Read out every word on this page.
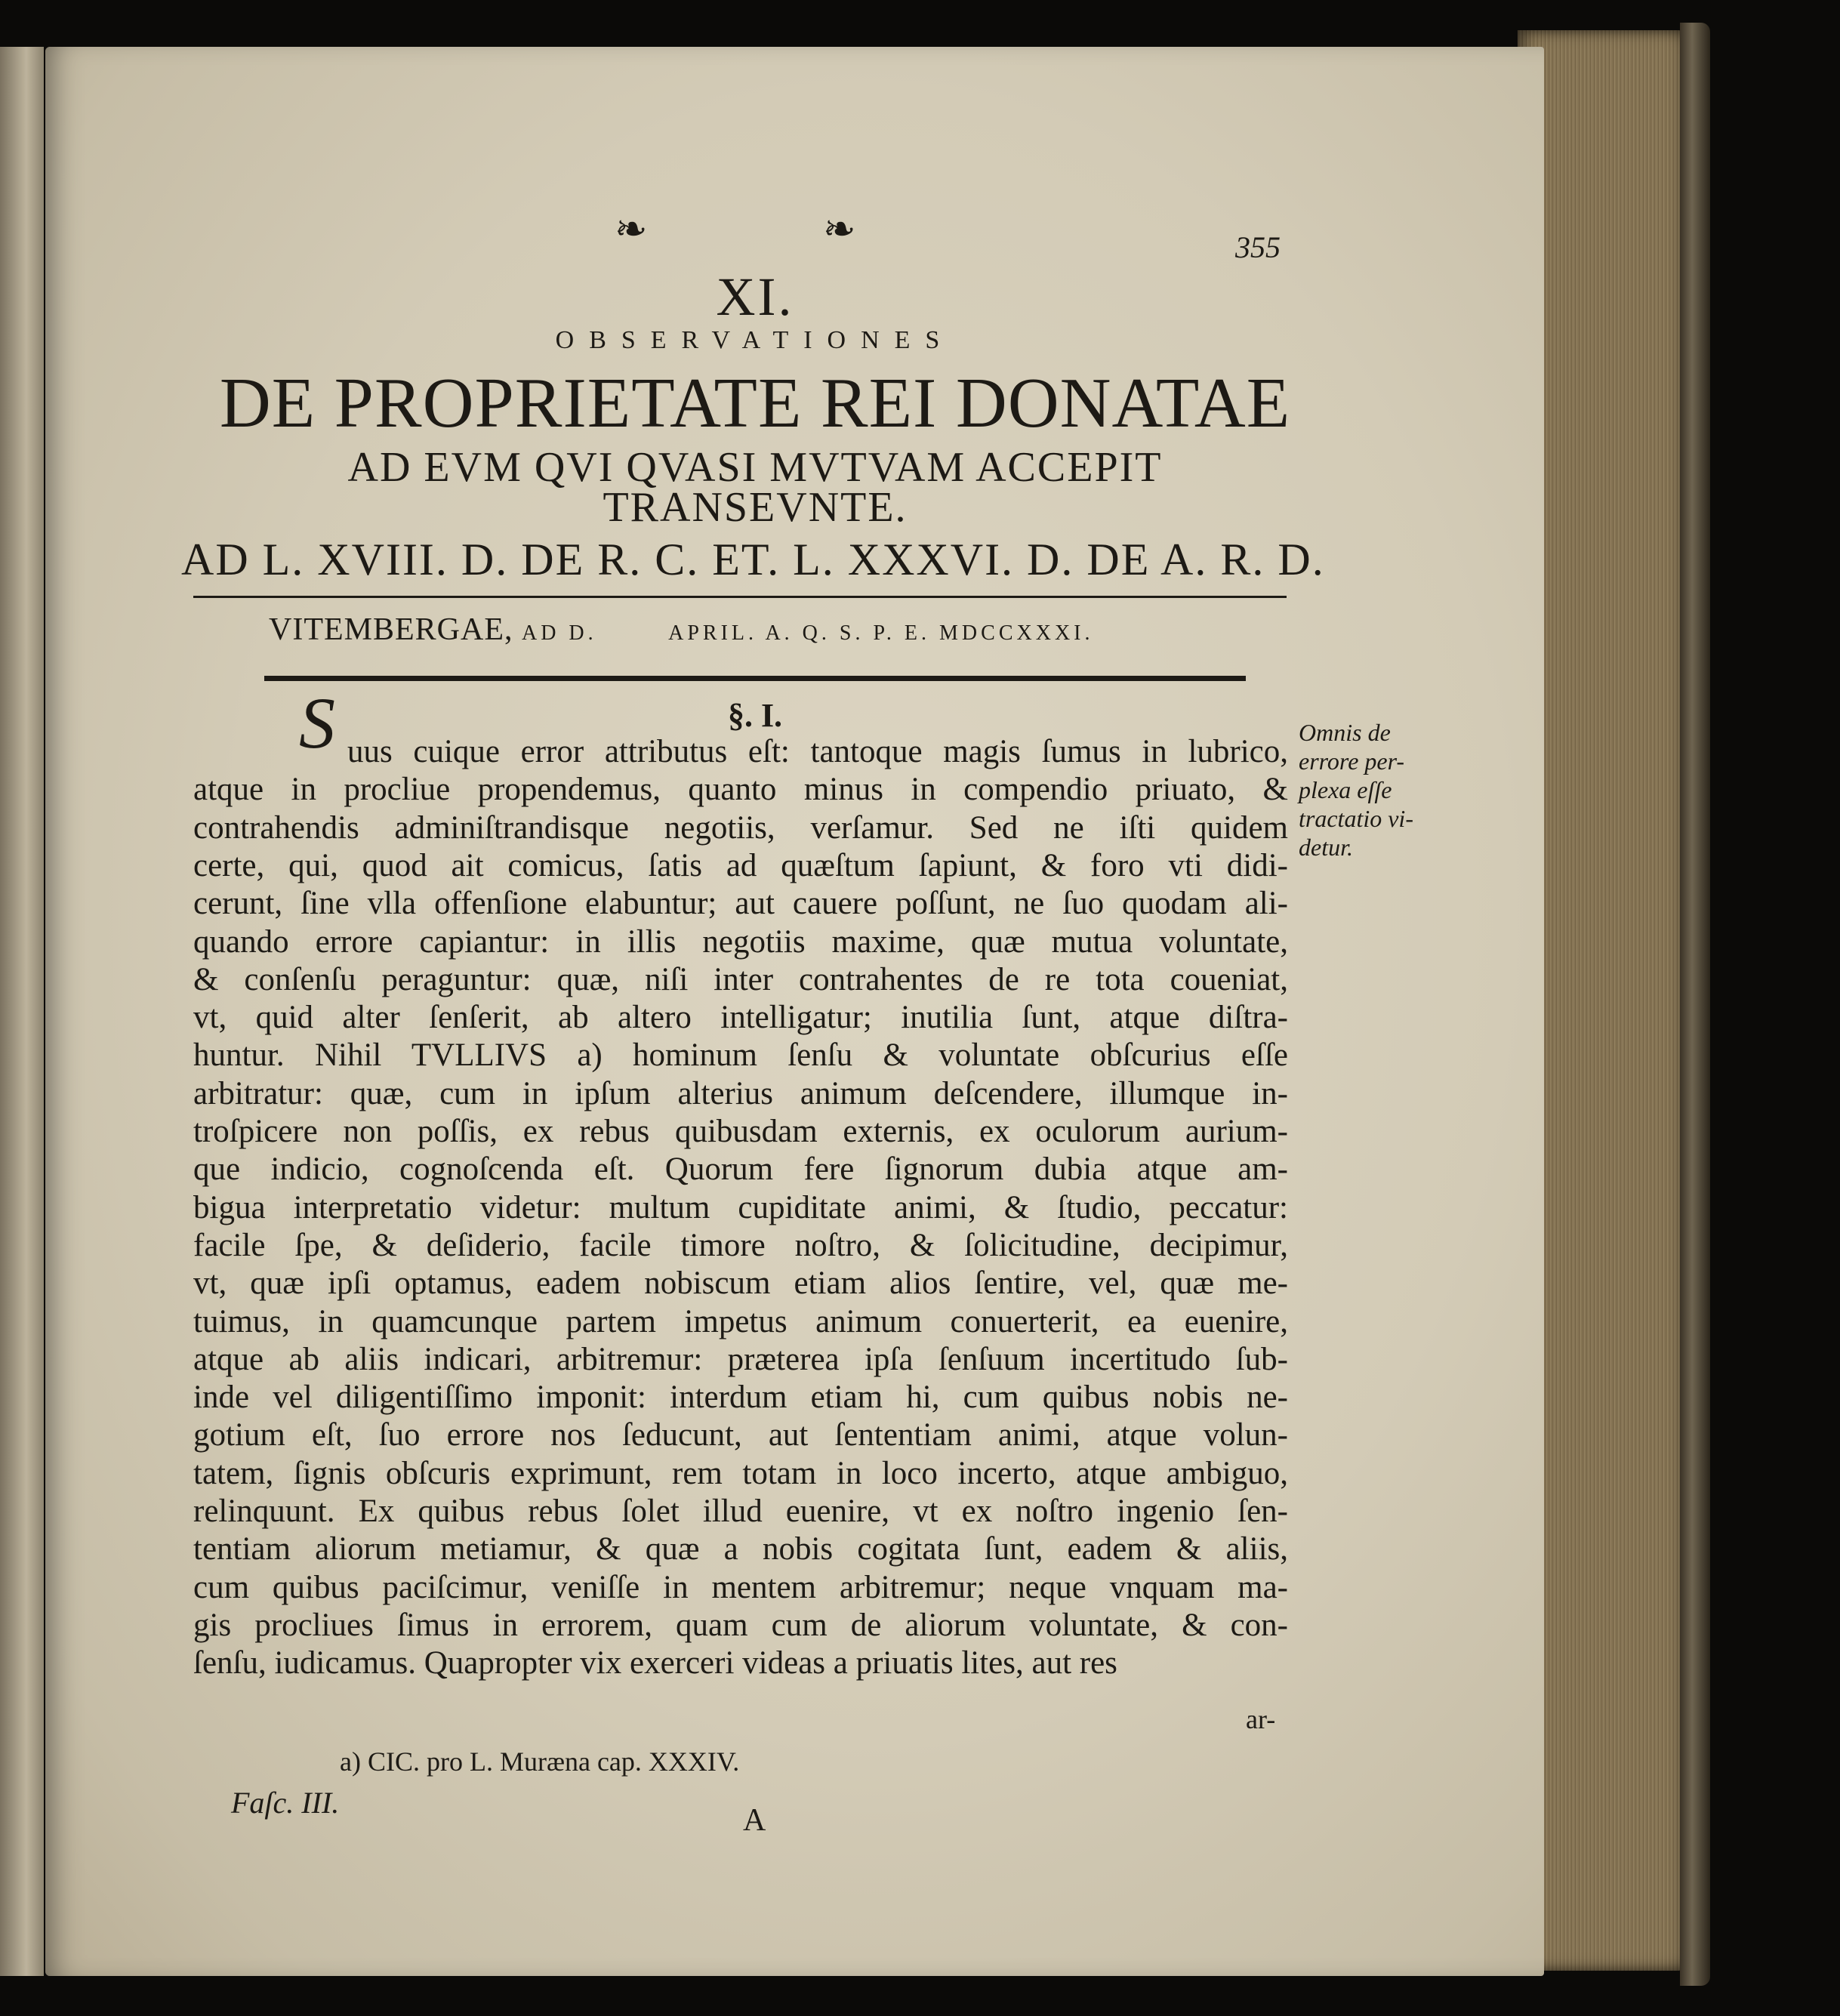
❧	❧	355
XI.
OBSERVATIONES
DE PROPRIETATE REI DONATAE
AD EVM QVI QVASI MVTVAM ACCEPIT
TRANSEVNTE.
AD L. XVIII. D. DE R. C. ET. L. XXXVI. D. DE A. R. D.
VITEMBERGAE, AD D.        APRIL. A. Q. S. P. E. MDCCXXXI.
§. I.
S uus cuique error attributus eſt: tantoque magis ſumus in lubrico,
atque in procliue propendemus, quanto minus in compendio priuato, &
contrahendis adminiſtrandisque negotiis, verſamur. Sed ne iſti quidem
certe, qui, quod ait comicus, ſatis ad quæſtum ſapiunt, & foro vti didi-
cerunt, ſine vlla offenſione elabuntur; aut cauere poſſunt, ne ſuo quodam ali-
quando errore capiantur: in illis negotiis maxime, quæ mutua voluntate,
& conſenſu peraguntur: quæ, niſi inter contrahentes de re tota coueniat,
vt, quid alter ſenſerit, ab altero intelligatur; inutilia ſunt, atque diſtra-
huntur. Nihil TVLLIVS a) hominum ſenſu & voluntate obſcurius eſſe
arbitratur: quæ, cum in ipſum alterius animum deſcendere, illumque in-
troſpicere non poſſis, ex rebus quibusdam externis, ex oculorum aurium-
que indicio, cognoſcenda eſt. Quorum fere ſignorum dubia atque am-
bigua interpretatio videtur: multum cupiditate animi, & ſtudio, peccatur:
facile ſpe, & deſiderio, facile timore noſtro, & ſolicitudine, decipimur,
vt, quæ ipſi optamus, eadem nobiscum etiam alios ſentire, vel, quæ me-
tuimus, in quamcunque partem impetus animum conuerterit, ea euenire,
atque ab aliis indicari, arbitremur: præterea ipſa ſenſuum incertitudo ſub-
inde vel diligentiſſimo imponit: interdum etiam hi, cum quibus nobis ne-
gotium eſt, ſuo errore nos ſeducunt, aut ſententiam animi, atque volun-
tatem, ſignis obſcuris exprimunt, rem totam in loco incerto, atque ambiguo,
relinquunt. Ex quibus rebus ſolet illud euenire, vt ex noſtro ingenio ſen-
tentiam aliorum metiamur, & quæ a nobis cogitata ſunt, eadem & aliis,
cum quibus paciſcimur, veniſſe in mentem arbitremur; neque vnquam ma-
gis procliues ſimus in errorem, quam cum de aliorum voluntate, & con-
ſenſu, iudicamus. Quapropter vix exerceri videas a priuatis lites, aut res
Omnis de
errore per-
plexa eſſe
tractatio vi-
detur.
ar-
a) CIC. pro L. Muræna cap. XXXIV.
Faſc. III.
A
